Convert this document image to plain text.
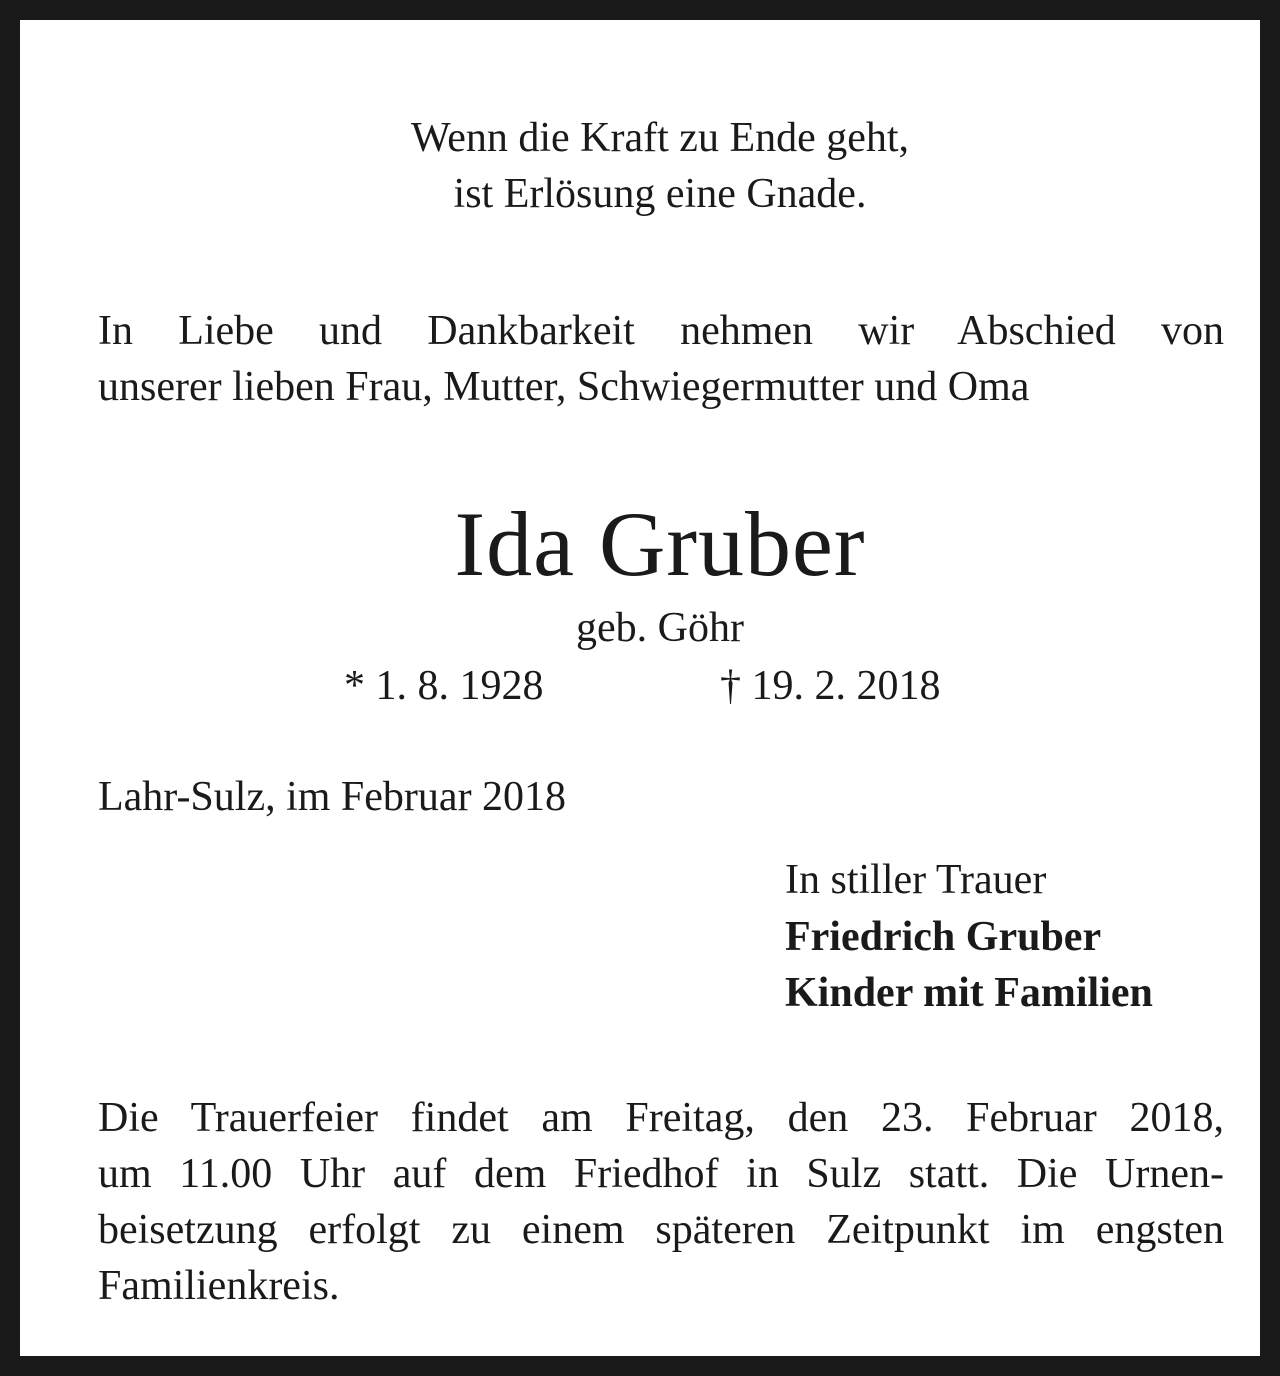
Wenn die Kraft zu Ende geht,

ist Erlösung eine Gnade.

In Liebe und Dankbarkeit nehmen wir Abschied von
unserer lieben Frau, Mutter, Schwiegermutter und Oma

Ida Gruber

geb. Göhr

* 1. 8. 1928	† 19. 2. 2018

Lahr-Sulz, im Februar 2018

In stiller Trauer

Friedrich Gruber

Kinder mit Familien

Die Trauerfeier findet am Freitag, den 23. Februar 2018,
um 11.00 Uhr auf dem Friedhof in Sulz statt. Die Urnen-
beisetzung erfolgt zu einem späteren Zeitpunkt im engsten
Familienkreis.
